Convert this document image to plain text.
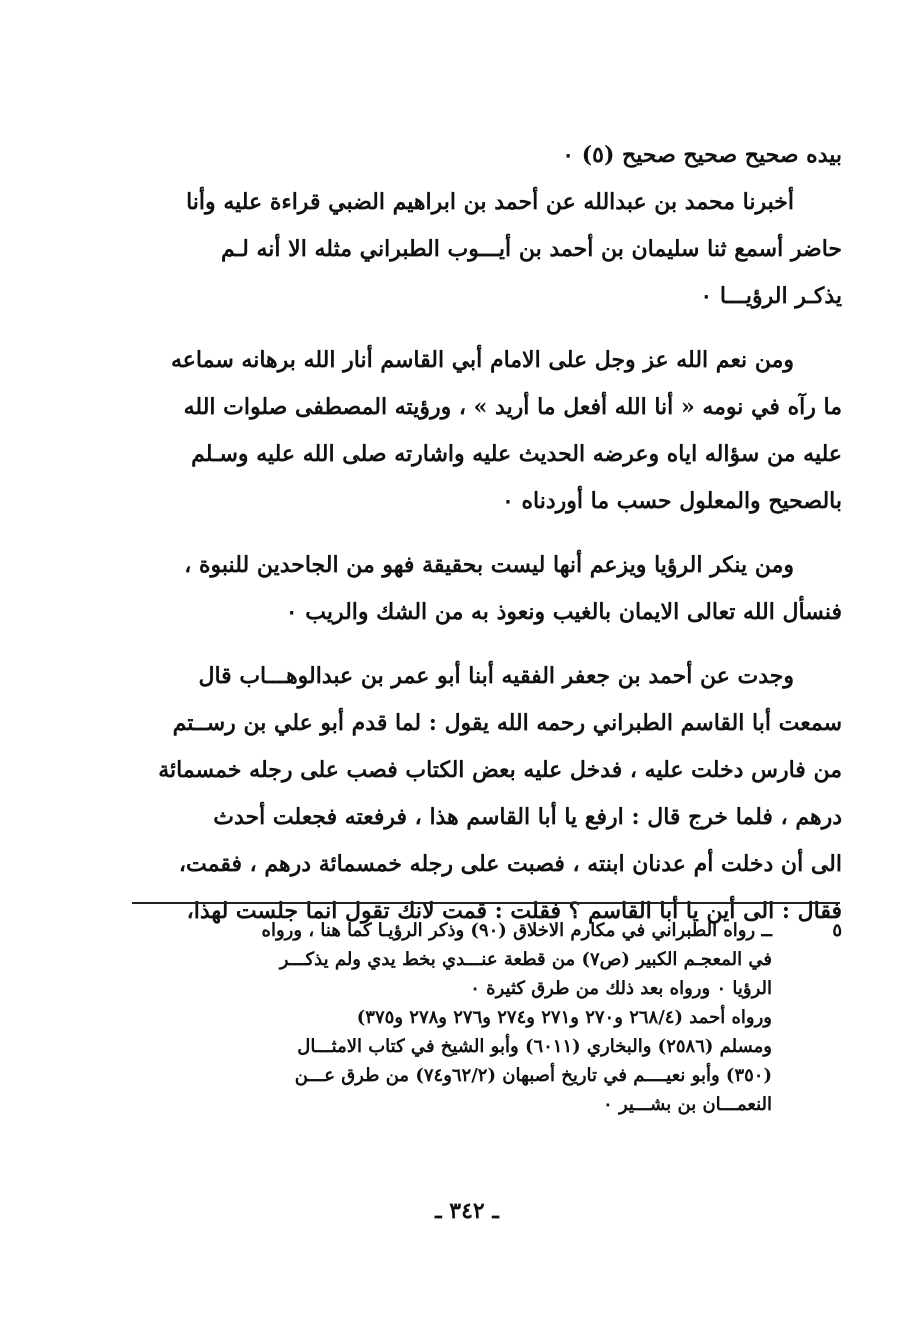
بيده صحيح صحيح صحيح (٥) ٠
أخبرنا محمد بن عبدالله عن أحمد بن ابراهيم الضبي قراءة عليه وأنا
حاضر أسمع ثنا سليمان بن أحمد بن أيـــوب الطبراني مثله الا أنه لـم
يذكـر الرؤيـــا ٠
ومن نعم الله عز وجل على الامام أبي القاسم أنار الله برهانه سماعه
ما رآه في نومه « أنا الله أفعل ما أريد » ، ورؤيته المصطفى صلوات الله
عليه من سؤاله اياه وعرضه الحديث عليه واشارته صلى الله عليه وسـلم
بالصحيح والمعلول حسب ما أوردناه ٠
ومن ينكر الرؤيا ويزعم أنها ليست بحقيقة فهو من الجاحدين للنبوة ،
فنسأل الله تعالى الايمان بالغيب ونعوذ به من الشك والريب ٠
وجدت عن أحمد بن جعفر الفقيه أبنا أبو عمر بن عبدالوهـــاب قال
سمعت أبا القاسم الطبراني رحمه الله يقول : لما قدم أبو علي بن رســتم
من فارس دخلت عليه ، فدخل عليه بعض الكتاب فصب على رجله خمسمائة
درهم ، فلما خرج قال : ارفع يا أبا القاسم هذا ، فرفعته فجعلت أحدث
الى أن دخلت أم عدنان ابنته ، فصبت على رجله خمسمائة درهم ، فقمت،
فقال : الى أين يا أبا القاسم ؟ فقلت : قمت لانك تقول انما جلست لهذا،
٥ــ رواه الطبراني في مكارم الاخلاق (٩٠) وذكر الرؤيـا كما هنا ، ورواه
في المعجـم الكبير (ص٧) من قطعة عنـــدي بخط يدي ولم يذكـــر
الرؤيا ٠ ورواه بعد ذلك من طرق كثيرة ٠
ورواه أحمد (٢٦٨/٤ و٢٧٠ و٢٧١ و٢٧٤ و٢٧٦ و٢٧٨ و٣٧٥)
ومسلم (٢٥٨٦) والبخاري (٦٠١١) وأبو الشيخ في كتاب الامثـــال
(٣٥٠) وأبو نعيــــم في تاريخ أصبهان (٦٢/٢و٧٤) من طرق عـــن
النعمـــان بن بشـــير ٠
ـ ٣٤٢ ـ
